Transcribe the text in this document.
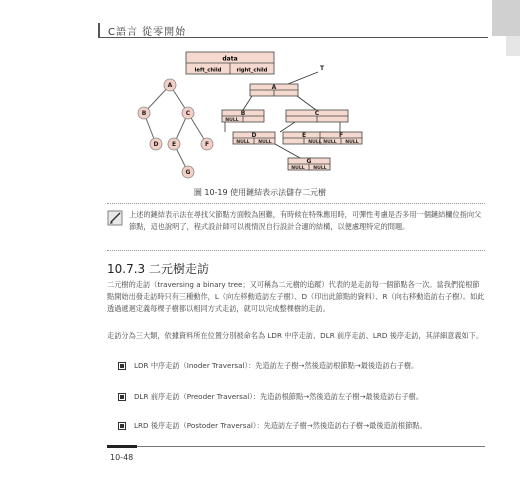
C語言 從零開始
data
left_child	right_child
A
B	C
D E	F
G
A
B	C
D	E	F
G
T
NULL
NULL NULL	NULL NULL NULL
NULL NULL
圖 10-19 使用鏈結表示法儲存二元樹
上述的鏈結表示法在尋找父節點方面較為困難，有時候在特殊應用時，可彈性考慮是否多用一個鏈結欄位指向父節點，這也說明了，程式設計師可以視情況自行設計合適的結構，以便處理特定的問題。
10.7.3 二元樹走訪
二元樹的走訪（traversing a binary tree；又可稱為二元樹的追蹤）代表的是走訪每一個節點各一次。當我們從根節點開始出發走訪時只有三種動作，L（向左移動造訪左子樹）、D（印出此節點的資料）、R（向右移動造訪右子樹）。如此透過遞迴定義每棵子樹都以相同方式走訪，就可以完成整棵樹的走訪。
走訪分為三大類，依據資料所在位置分別被命名為 LDR 中序走訪、DLR 前序走訪、LRD 後序走訪，其詳細意義如下。
LDR 中序走訪（Inoder Traversal）：先造訪左子樹→然後造訪根節點→最後造訪右子樹。
DLR 前序走訪（Preoder Traversal）：先造訪根節點→然後造訪左子樹→最後造訪右子樹。
LRD 後序走訪（Postoder Traversal）：先造訪左子樹→然後造訪右子樹→最後造訪根節點。
10-48
